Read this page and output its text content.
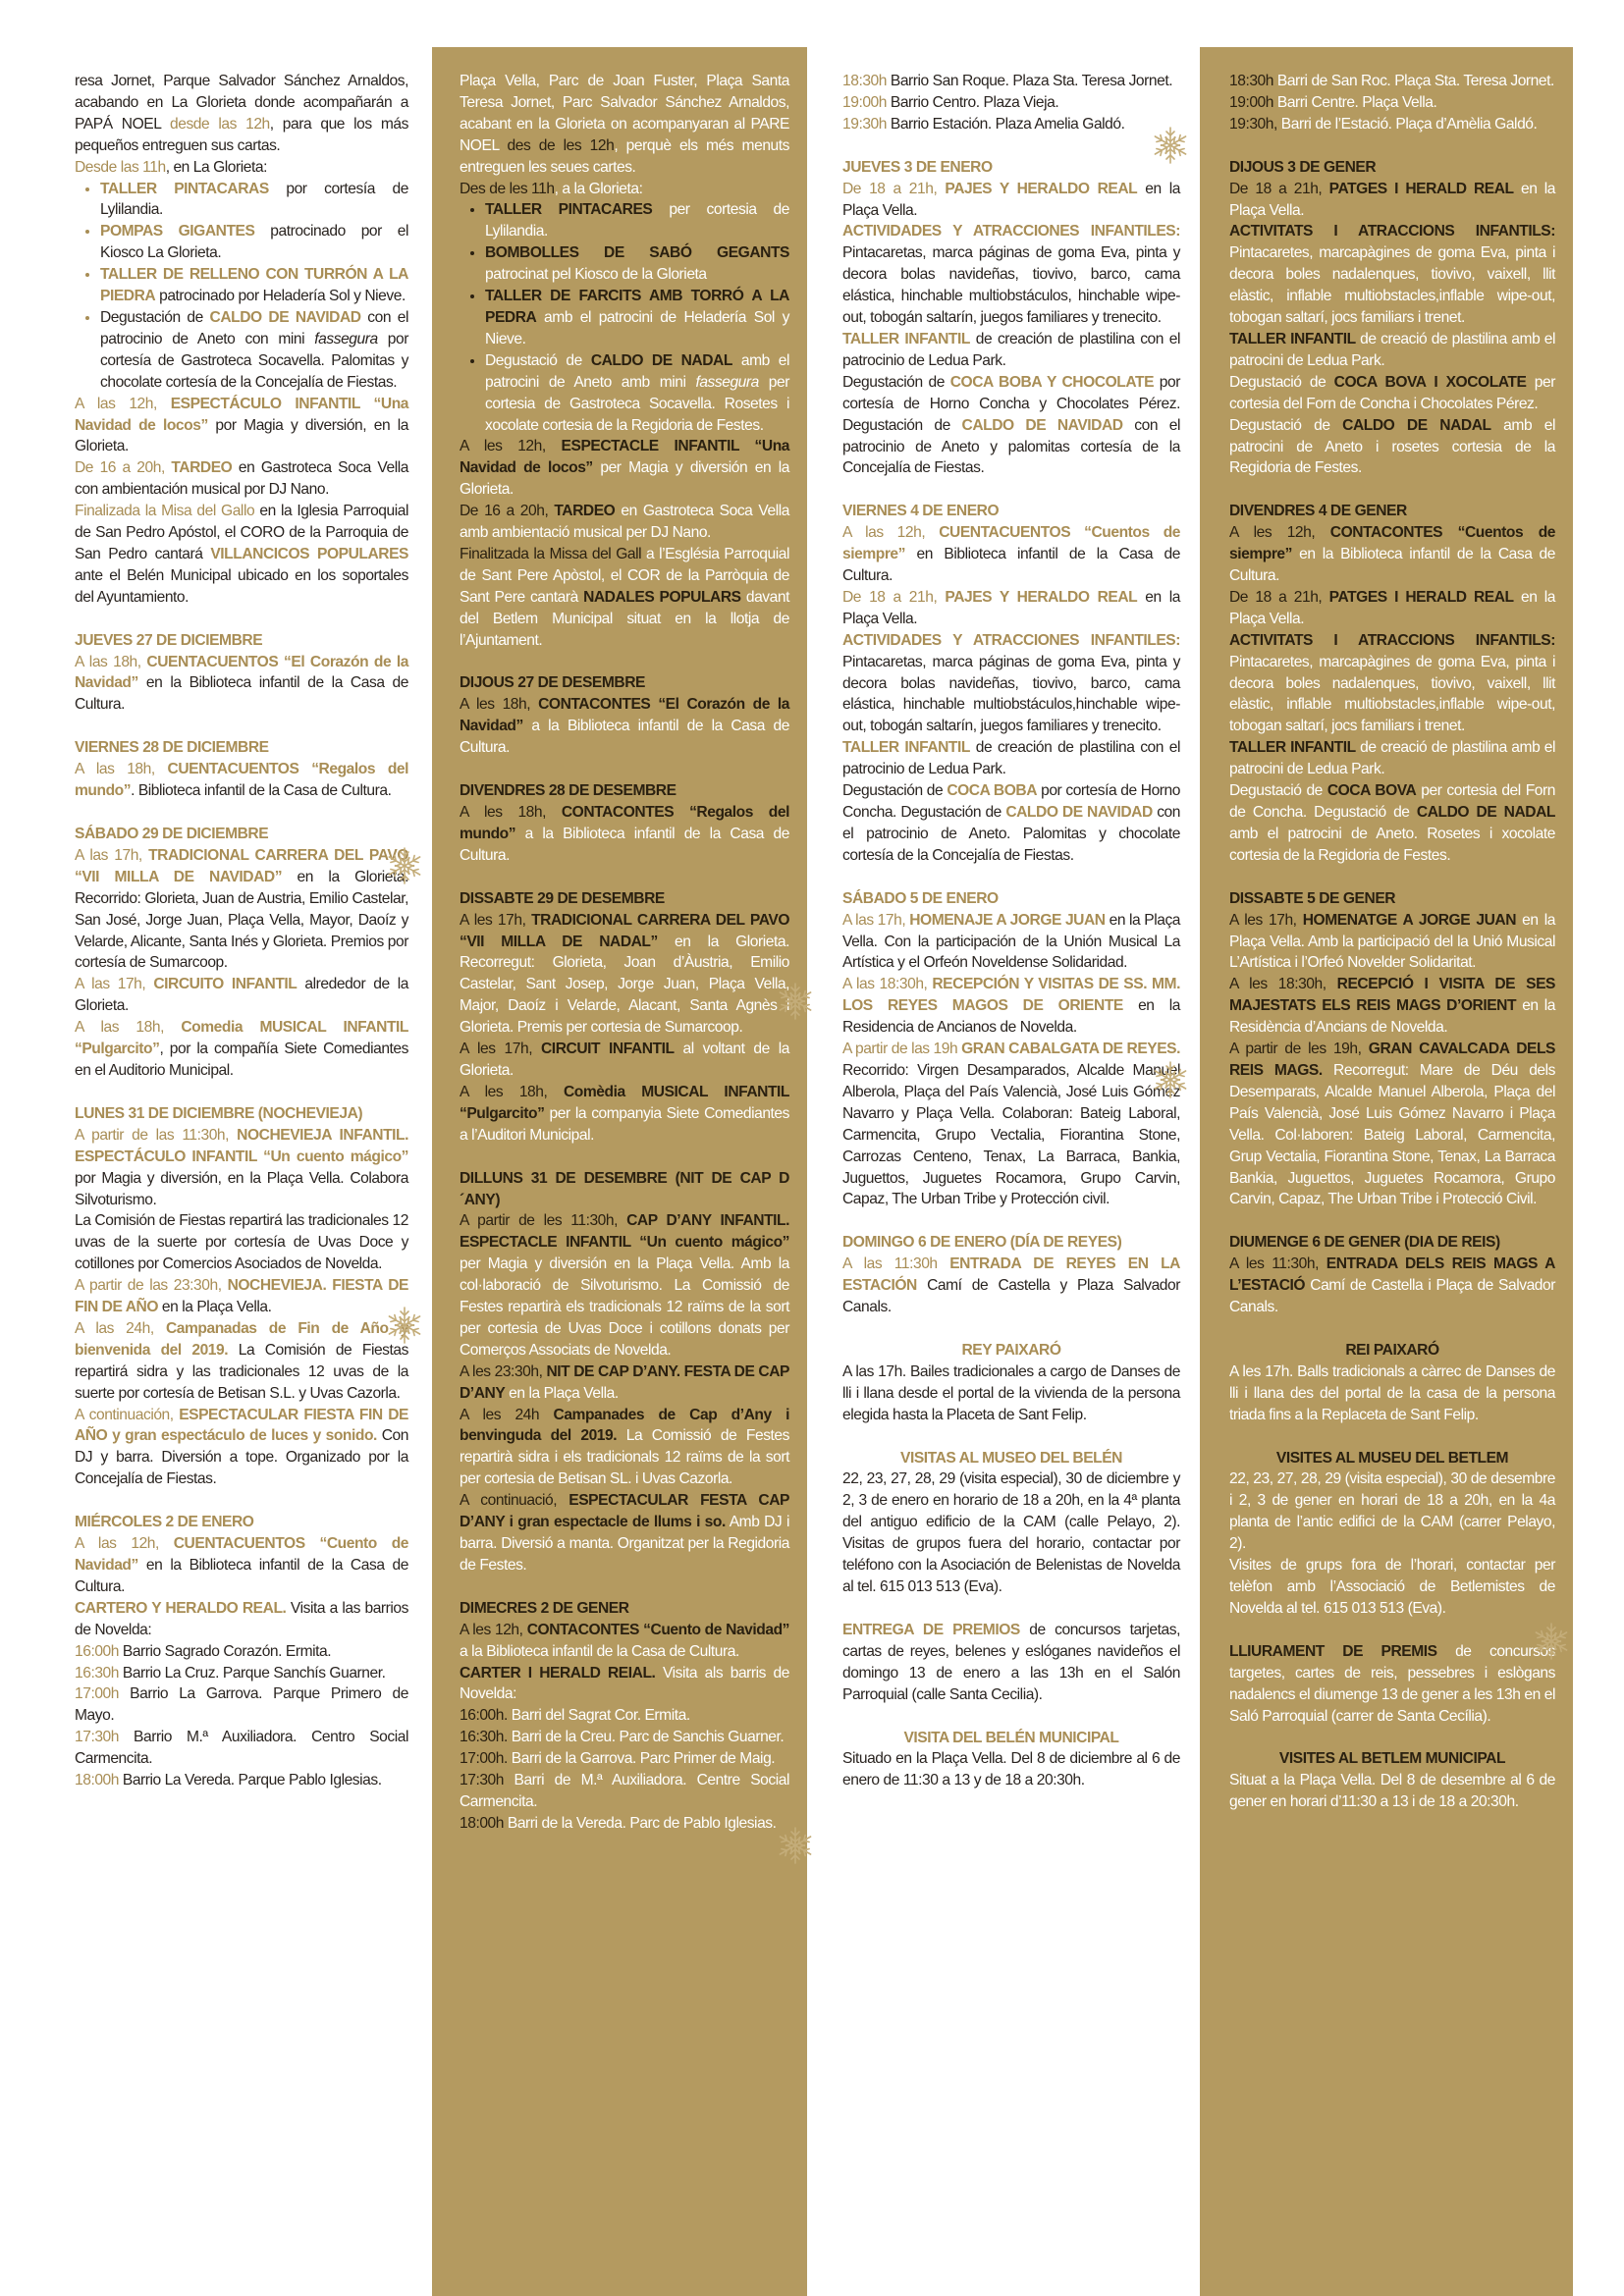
resa Jornet, Parque Salvador Sánchez Arnaldos, acabando en La Glorieta donde acompañarán a PAPÁ NOEL desde las 12h, para que los más pequeños entreguen sus cartas.

Desde las 11h, en La Glorieta:

• TALLER PINTACARAS por cortesía de Lylilandia.
• POMPAS GIGANTES patrocinado por el Kiosco La Glorieta.
• TALLER DE RELLENO CON TURRÓN A LA PIEDRA patrocinado por Heladería Sol y Nieve.
• Degustación de CALDO DE NAVIDAD con el patrocinio de Aneto con mini fassegura por cortesía de Gastroteca Socavella. Palomitas y chocolate cortesía de la Concejalía de Fiestas.

A las 12h, ESPECTÁCULO INFANTIL “Una Navidad de locos” por Magia y diversión, en la Glorieta.

De 16 a 20h, TARDEO en Gastroteca Soca Vella con ambientación musical por DJ Nano.

Finalizada la Misa del Gallo en la Iglesia Parroquial de San Pedro Apóstol, el CORO de la Parroquia de San Pedro cantará VILLANCICOS POPULARES ante el Belén Municipal ubicado en los soportales del Ayuntamiento.

JUEVES 27 DE DICIEMBRE

A las 18h, CUENTACUENTOS “El Corazón de la Navidad” en la Biblioteca infantil de la Casa de Cultura.

VIERNES 28 DE DICIEMBRE

A las 18h, CUENTACUENTOS “Regalos del mundo”. Biblioteca infantil de la Casa de Cultura.

SÁBADO 29 DE DICIEMBRE

A las 17h, TRADICIONAL CARRERA DEL PAVO “VII MILLA DE NAVIDAD” en la Glorieta. Recorrido: Glorieta, Juan de Austria, Emilio Castelar, San José, Jorge Juan, Plaça Vella, Mayor, Daoíz y Velarde, Alicante, Santa Inés y Glorieta. Premios por cortesía de Sumarcoop.

A las 17h, CIRCUITO INFANTIL alrededor de la Glorieta.

A las 18h, Comedia MUSICAL INFANTIL “Pulgarcito”, por la compañía Siete Comediantes en el Auditorio Municipal.

LUNES 31 DE DICIEMBRE (NOCHEVIEJA)

A partir de las 11:30h, NOCHEVIEJA INFANTIL. ESPECTÁCULO INFANTIL “Un cuento mágico” por Magia y diversión, en la Plaça Vella. Colabora Silvoturismo.

La Comisión de Fiestas repartirá las tradicionales 12 uvas de la suerte por cortesía de Uvas Doce y cotillones por Comercios Asociados de Novelda.

A partir de las 23:30h, NOCHEVIEJA. FIESTA DE FIN DE AÑO en la Plaça Vella.

A las 24h, Campanadas de Fin de Año y bienvenida del 2019. La Comisión de Fiestas repartirá sidra y las tradicionales 12 uvas de la suerte por cortesía de Betisan S.L. y Uvas Cazorla.

A continuación, ESPECTACULAR FIESTA FIN DE AÑO y gran espectáculo de luces y sonido. Con DJ y barra. Diversión a tope. Organizado por la Concejalía de Fiestas.

MIÉRCOLES 2 DE ENERO

A las 12h, CUENTACUENTOS “Cuento de Navidad” en la Biblioteca infantil de la Casa de Cultura.

CARTERO Y HERALDO REAL. Visita a las barrios de Novelda:

16:00h Barrio Sagrado Corazón. Ermita.

16:30h Barrio La Cruz. Parque Sanchís Guarner.

17:00h Barrio La Garrova. Parque Primero de Mayo.

17:30h Barrio M.ª Auxiliadora. Centro Social Carmencita.

18:00h Barrio La Vereda. Parque Pablo Iglesias.

Plaça Vella, Parc de Joan Fuster, Plaça Santa Teresa Jornet, Parc Salvador Sánchez Arnaldos, acabant en la Glorieta on acompanyaran al PARE NOEL des de les 12h, perquè els més menuts entreguen les seues cartes.

Des de les 11h, a la Glorieta:

• TALLER PINTACARES per cortesia de Lylilandia.
• BOMBOLLES DE SABÓ GEGANTS patrocinat pel Kiosco de la Glorieta
• TALLER DE FARCITS AMB TORRÓ A LA PEDRA amb el patrocini de Heladería Sol y Nieve.
• Degustació de CALDO DE NADAL amb el patrocini de Aneto amb mini fassegura per cortesia de Gastroteca Socavella. Rosetes i xocolate cortesia de la Regidoria de Festes.

A les 12h, ESPECTACLE INFANTIL “Una Navidad de locos” per Magia y diversión en la Glorieta.

De 16 a 20h, TARDEO en Gastroteca Soca Vella amb ambientació musical per DJ Nano.

Finalitzada la Missa del Gall a l’Església Parroquial de Sant Pere Apòstol, el COR de la Parròquia de Sant Pere cantarà NADALES POPULARS davant del Betlem Municipal situat en la llotja de l’Ajuntament.

DIJOUS 27 DE DESEMBRE

A les 18h, CONTACONTES “El Corazón de la Navidad” a la Biblioteca infantil de la Casa de Cultura.

DIVENDRES 28 DE DESEMBRE

A les 18h, CONTACONTES “Regalos del mundo” a la Biblioteca infantil de la Casa de Cultura.

DISSABTE 29 DE DESEMBRE

A les 17h, TRADICIONAL CARRERA DEL PAVO “VII MILLA DE NADAL” en la Glorieta. Recorregut: Glorieta, Joan d’Àustria, Emilio Castelar, Sant Josep, Jorge Juan, Plaça Vella, Major, Daoíz i Velarde, Alacant, Santa Agnès i Glorieta. Premis per cortesia de Sumarcoop.

A les 17h, CIRCUIT INFANTIL al voltant de la Glorieta.

A les 18h, Comèdia MUSICAL INFANTIL “Pulgarcito” per la companyia Siete Comediantes a l’Auditori Municipal.

DILLUNS 31 DE DESEMBRE (NIT DE CAP D´ANY)

A partir de les 11:30h, CAP D’ANY INFANTIL. ESPECTACLE INFANTIL “Un cuento mágico” per Magia y diversión en la Plaça Vella. Amb la col·laboració de Silvoturismo. La Comissió de Festes repartirà els tradicionals 12 raïms de la sort per cortesia de Uvas Doce i cotillons donats per Comerços Associats de Novelda.

A les 23:30h, NIT DE CAP D’ANY. FESTA DE CAP D’ANY en la Plaça Vella.

A les 24h Campanades de Cap d’Any i benvinguda del 2019. La Comissió de Festes repartirà sidra i els tradicionals 12 raïms de la sort per cortesia de Betisan SL. i Uvas Cazorla.

A continuació, ESPECTACULAR FESTA CAP D’ANY i gran espectacle de llums i so. Amb DJ i barra. Diversió a manta. Organitzat per la Regidoria de Festes.

DIMECRES 2 DE GENER

A les 12h, CONTACONTES “Cuento de Navidad” a la Biblioteca infantil de la Casa de Cultura.

CARTER I HERALD REIAL. Visita als barris de Novelda:

16:00h. Barri del Sagrat Cor. Ermita.

16:30h. Barri de la Creu. Parc de Sanchis Guarner.

17:00h. Barri de la Garrova. Parc Primer de Maig.

17:30h Barri de M.ª Auxiliadora. Centre Social Carmencita.

18:00h Barri de la Vereda. Parc de Pablo Iglesias.

18:30h Barrio San Roque. Plaza Sta. Teresa Jornet.

19:00h Barrio Centro. Plaza Vieja.

19:30h Barrio Estación. Plaza Amelia Galdó.

JUEVES 3 DE ENERO

De 18 a 21h, PAJES Y HERALDO REAL en la Plaça Vella.

ACTIVIDADES Y ATRACCIONES INFANTILES: Pintacaretas, marca páginas de goma Eva, pinta y decora bolas navideñas, tiovivo, barco, cama elástica, hinchable multiobstáculos, hinchable wipe-out, tobogán saltarín, juegos familiares y trenecito.

TALLER INFANTIL de creación de plastilina con el patrocinio de Ledua Park.

Degustación de COCA BOBA Y CHOCOLATE por cortesía de Horno Concha y Chocolates Pérez. Degustación de CALDO DE NAVIDAD con el patrocinio de Aneto y palomitas cortesía de la Concejalía de Fiestas.

VIERNES 4 DE ENERO

A las 12h, CUENTACUENTOS “Cuentos de siempre” en Biblioteca infantil de la Casa de Cultura.

De 18 a 21h, PAJES Y HERALDO REAL en la Plaça Vella.

ACTIVIDADES Y ATRACCIONES INFANTILES: Pintacaretas, marca páginas de goma Eva, pinta y decora bolas navideñas, tiovivo, barco, cama elástica, hinchable multiobstáculos,hinchable wipe-out, tobogán saltarín, juegos familiares y trenecito.

TALLER INFANTIL de creación de plastilina con el patrocinio de Ledua Park.

Degustación de COCA BOBA por cortesía de Horno Concha. Degustación de CALDO DE NAVIDAD con el patrocinio de Aneto. Palomitas y chocolate cortesía de la Concejalía de Fiestas.

SÁBADO 5 DE ENERO

A las 17h, HOMENAJE A JORGE JUAN en la Plaça Vella. Con la participación de la Unión Musical La Artística y el Orfeón Noveldense Solidaridad.

A las 18:30h, RECEPCIÓN Y VISITAS DE SS. MM. LOS REYES MAGOS DE ORIENTE en la Residencia de Ancianos de Novelda.

A partir de las 19h GRAN CABALGATA DE REYES. Recorrido: Virgen Desamparados, Alcalde Manuel Alberola, Plaça del País Valencià, José Luis Gómez Navarro y Plaça Vella. Colaboran: Bateig Laboral, Carmencita, Grupo Vectalia, Fiorantina Stone, Carrozas Centeno, Tenax, La Barraca, Bankia, Juguettos, Juguetes Rocamora, Grupo Carvin, Capaz, The Urban Tribe y Protección civil.

DOMINGO 6 DE ENERO (DÍA DE REYES)

A las 11:30h ENTRADA DE REYES EN LA ESTACIÓN Camí de Castella y Plaza Salvador Canals.

REY PAIXARÓ

A las 17h. Bailes tradicionales a cargo de Danses de lli i llana desde el portal de la vivienda de la persona elegida hasta la Placeta de Sant Felip.

VISITAS AL MUSEO DEL BELÉN

22, 23, 27, 28, 29 (visita especial), 30 de diciembre y 2, 3 de enero en horario de 18 a 20h, en la 4ª planta del antiguo edificio de la CAM (calle Pelayo, 2). Visitas de grupos fuera del horario, contactar por teléfono con la Asociación de Belenistas de Novelda al tel. 615 013 513 (Eva).

ENTREGA DE PREMIOS de concursos tarjetas, cartas de reyes, belenes y eslóganes navideños el domingo 13 de enero a las 13h en el Salón Parroquial (calle Santa Cecilia).

VISITA DEL BELÉN MUNICIPAL

Situado en la Plaça Vella. Del 8 de diciembre al 6 de enero de 11:30 a 13 y de 18 a 20:30h.

18:30h Barri de San Roc. Plaça Sta. Teresa Jornet.

19:00h Barri Centre. Plaça Vella.

19:30h, Barri de l’Estació. Plaça d’Amèlia Galdó.

DIJOUS 3 DE GENER

De 18 a 21h, PATGES I HERALD REAL en la Plaça Vella.

ACTIVITATS I ATRACCIONS INFANTILS: Pintacaretes, marcapàgines de goma Eva, pinta i decora boles nadalenques, tiovivo, vaixell, llit elàstic, inflable multiobstacles,inflable wipe-out, tobogan saltarí, jocs familiars i trenet.

TALLER INFANTIL de creació de plastilina amb el patrocini de Ledua Park.

Degustació de COCA BOVA I XOCOLATE per cortesia del Forn de Concha i Chocolates Pérez.

Degustació de CALDO DE NADAL amb el patrocini de Aneto i rosetes cortesia de la Regidoria de Festes.

DIVENDRES 4 DE GENER

A les 12h, CONTACONTES “Cuentos de siempre” en la Biblioteca infantil de la Casa de Cultura.

De 18 a 21h, PATGES I HERALD REAL en la Plaça Vella.

ACTIVITATS I ATRACCIONS INFANTILS: Pintacaretes, marcapàgines de goma Eva, pinta i decora boles nadalenques, tiovivo, vaixell, llit elàstic, inflable multiobstacles,inflable wipe-out, tobogan saltarí, jocs familiars i trenet.

TALLER INFANTIL de creació de plastilina amb el patrocini de Ledua Park.

Degustació de COCA BOVA per cortesia del Forn de Concha. Degustació de CALDO DE NADAL amb el patrocini de Aneto. Rosetes i xocolate cortesia de la Regidoria de Festes.

DISSABTE 5 DE GENER

A les 17h, HOMENATGE A JORGE JUAN en la Plaça Vella. Amb la participació del la Unió Musical L’Artística i l’Orfeó Novelder Solidaritat.

A les 18:30h, RECEPCIÓ I VISITA DE SES MAJESTATS ELS REIS MAGS D’ORIENT en la Residència d’Ancians de Novelda.

A partir de les 19h, GRAN CAVALCADA DELS REIS MAGS. Recorregut: Mare de Déu dels Desemparats, Alcalde Manuel Alberola, Plaça del País Valencià, José Luis Gómez Navarro i Plaça Vella. Col·laboren: Bateig Laboral, Carmencita, Grup Vectalia, Fiorantina Stone, Tenax, La Barraca Bankia, Juguettos, Juguetes Rocamora, Grupo Carvin, Capaz, The Urban Tribe i Protecció Civil.

DIUMENGE 6 DE GENER (DIA DE REIS)

A les 11:30h, ENTRADA DELS REIS MAGS A L’ESTACIÓ Camí de Castella i Plaça de Salvador Canals.

REI PAIXARÓ

A les 17h. Balls tradicionals a càrrec de Danses de lli i llana des del portal de la casa de la persona triada fins a la Replaceta de Sant Felip.

VISITES AL MUSEU DEL BETLEM

22, 23, 27, 28, 29 (visita especial), 30 de desembre i 2, 3 de gener en horari de 18 a 20h, en la 4a planta de l’antic edifici de la CAM (carrer Pelayo, 2).

Visites de grups fora de l’horari, contactar per telèfon amb l’Associació de Betlemistes de Novelda al tel. 615 013 513 (Eva).

LLIURAMENT DE PREMIS de concursos targetes, cartes de reis, pessebres i eslògans nadalencs el diumenge 13 de gener a les 13h en el Saló Parroquial (carrer de Santa Cecília).

VISITES AL BETLEM MUNICIPAL

Situat a la Plaça Vella. Del 8 de desembre al 6 de gener en horari d’11:30 a 13 i de 18 a 20:30h.
